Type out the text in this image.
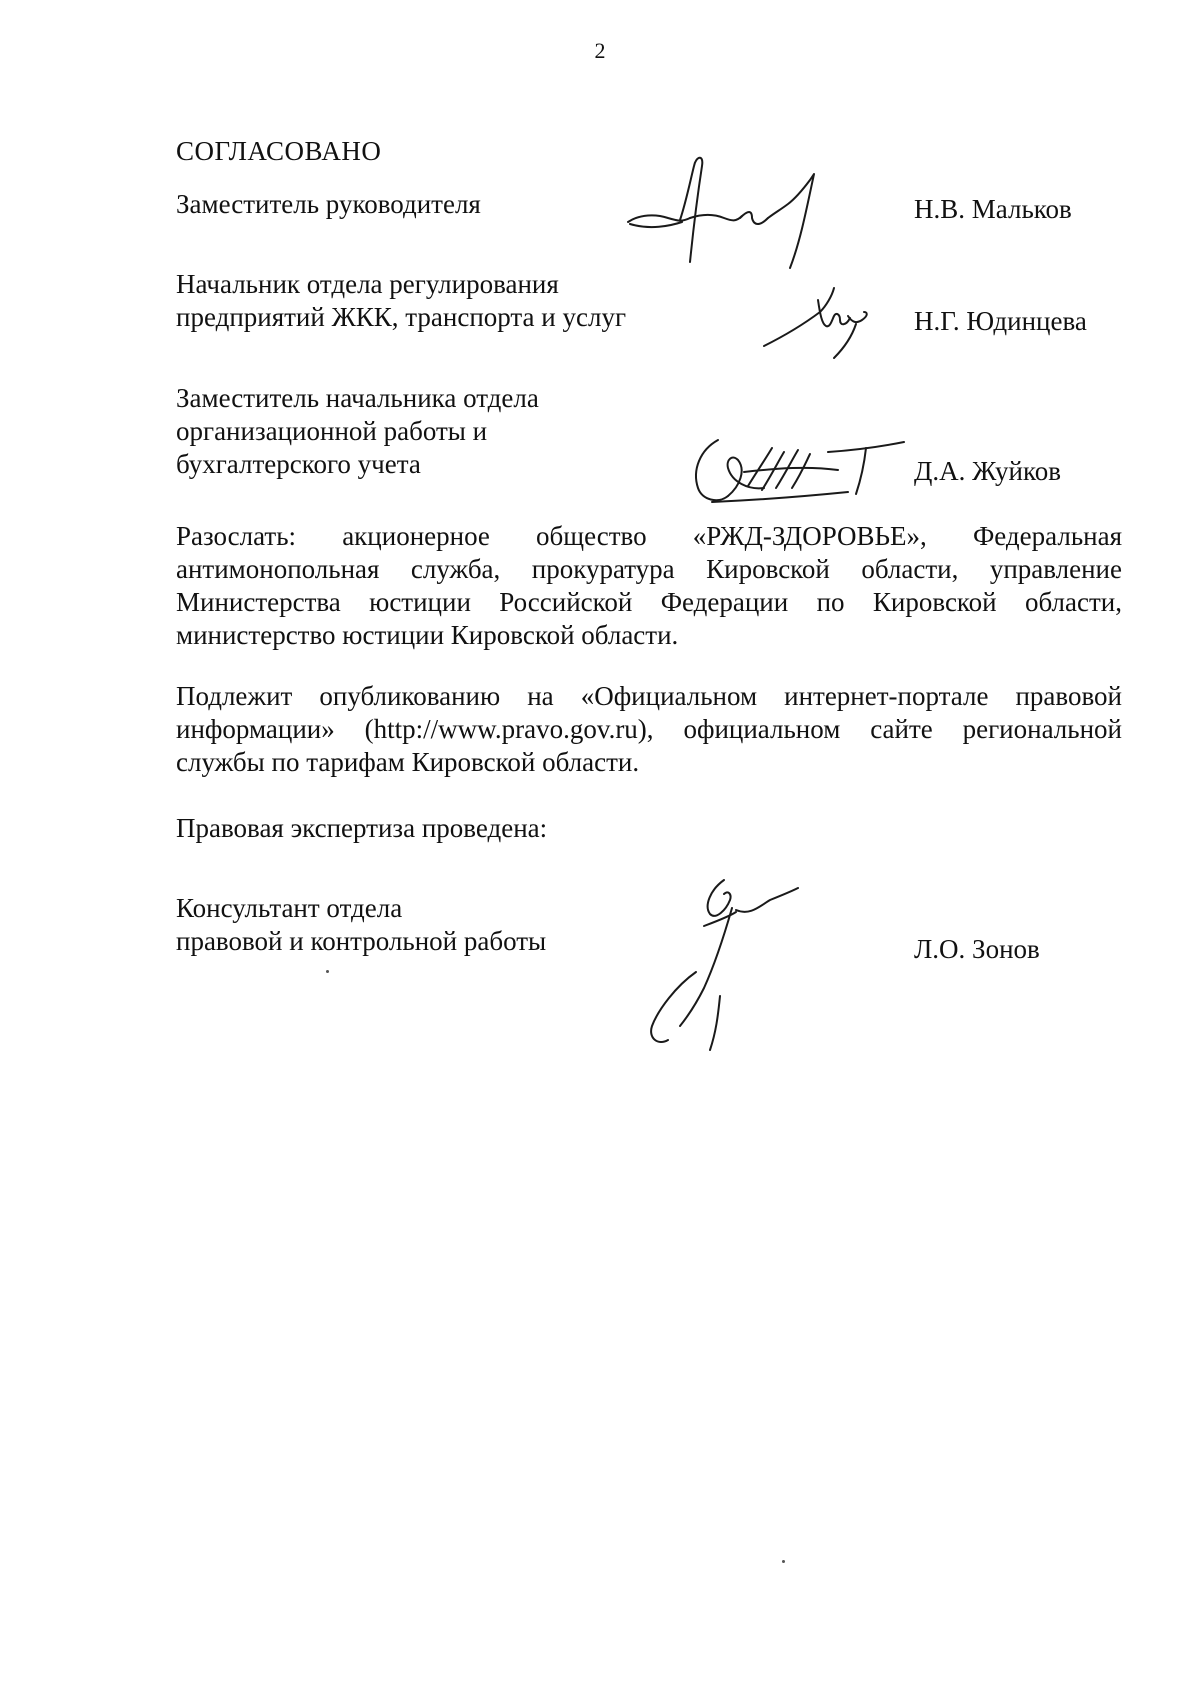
2
СОГЛАСОВАНО
Заместитель руководителя	Н.В. Мальков
Начальник отдела регулирования
предприятий ЖКК, транспорта и услуг	Н.Г. Юдинцева
Заместитель начальника отдела
организационной работы и
бухгалтерского учета	Д.А. Жуйков
Разослать: акционерное общество «РЖД-ЗДОРОВЬЕ», Федеральная
антимонопольная служба, прокуратура Кировской области, управление
Министерства юстиции Российской Федерации по Кировской области,
министерство юстиции Кировской области.
Подлежит опубликованию на «Официальном интернет-портале правовой
информации» (http://www.pravo.gov.ru), официальном сайте региональной
службы по тарифам Кировской области.
Правовая экспертиза проведена:
Консультант отдела
правовой и контрольной работы	Л.О. Зонов
